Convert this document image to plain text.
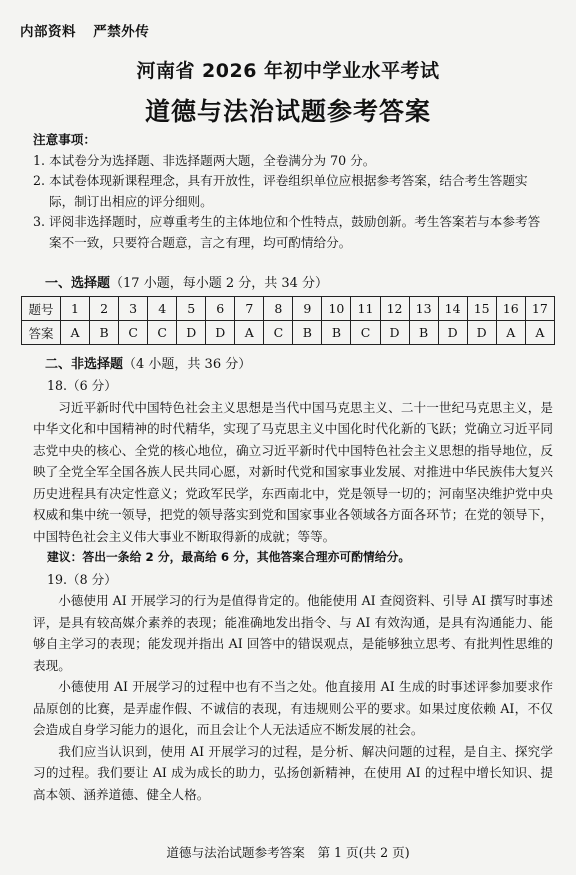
内部资料 严禁外传
河南省 2026 年初中学业水平考试
道德与法治试题参考答案
注意事项：
1. 本试卷分为选择题、非选择题两大题，全卷满分为 70 分。
2. 本试卷体现新课程理念，具有开放性，评卷组织单位应根据参考答案，结合考生答题实际，制订出相应的评分细则。
3. 评阅非选择题时，应尊重考生的主体地位和个性特点，鼓励创新。考生答案若与本参考答案不一致，只要符合题意，言之有理，均可酌情给分。
一、选择题（17 小题，每小题 2 分，共 34 分）
题号	1	2	3	4	5	6	7	8	9	10	11	12	13	14	15	16	17
答案	A	B	C	C	D	D	A	C	B	B	C	D	B	D	D	A	A
二、非选择题（4 小题，共 36 分）

18.（6 分）

习近平新时代中国特色社会主义思想是当代中国马克思主义、二十一世纪马克思主义，是中华文化和中国精神的时代精华，实现了马克思主义中国化时代化新的飞跃；党确立习近平同志党中央的核心、全党的核心地位，确立习近平新时代中国特色社会主义思想的指导地位，反映了全党全军全国各族人民共同心愿，对新时代党和国家事业发展、对推进中华民族伟大复兴历史进程具有决定性意义；党政军民学，东西南北中，党是领导一切的；河南坚决维护党中央权威和集中统一领导，把党的领导落实到党和国家事业各领域各方面各环节；在党的领导下，中国特色社会主义伟大事业不断取得新的成就；等等。

建议：答出一条给 2 分，最高给 6 分，其他答案合理亦可酌情给分。

19.（8 分）

小德使用 AI 开展学习的行为是值得肯定的。他能使用 AI 查阅资料、引导 AI 撰写时事述评，是具有较高媒介素养的表现；能准确地发出指令、与 AI 有效沟通，是具有沟通能力、能够自主学习的表现；能发现并指出 AI 回答中的错误观点，是能够独立思考、有批判性思维的表现。

小德使用 AI 开展学习的过程中也有不当之处。他直接用 AI 生成的时事述评参加要求作品原创的比赛，是弄虚作假、不诚信的表现，有违规则公平的要求。如果过度依赖 AI，不仅会造成自身学习能力的退化，而且会让个人无法适应不断发展的社会。

我们应当认识到，使用 AI 开展学习的过程，是分析、解决问题的过程，是自主、探究学习的过程。我们要让 AI 成为成长的助力，弘扬创新精神，在使用 AI 的过程中增长知识、提高本领、涵养道德、健全人格。

道德与法治试题参考答案　第 1 页(共 2 页)
